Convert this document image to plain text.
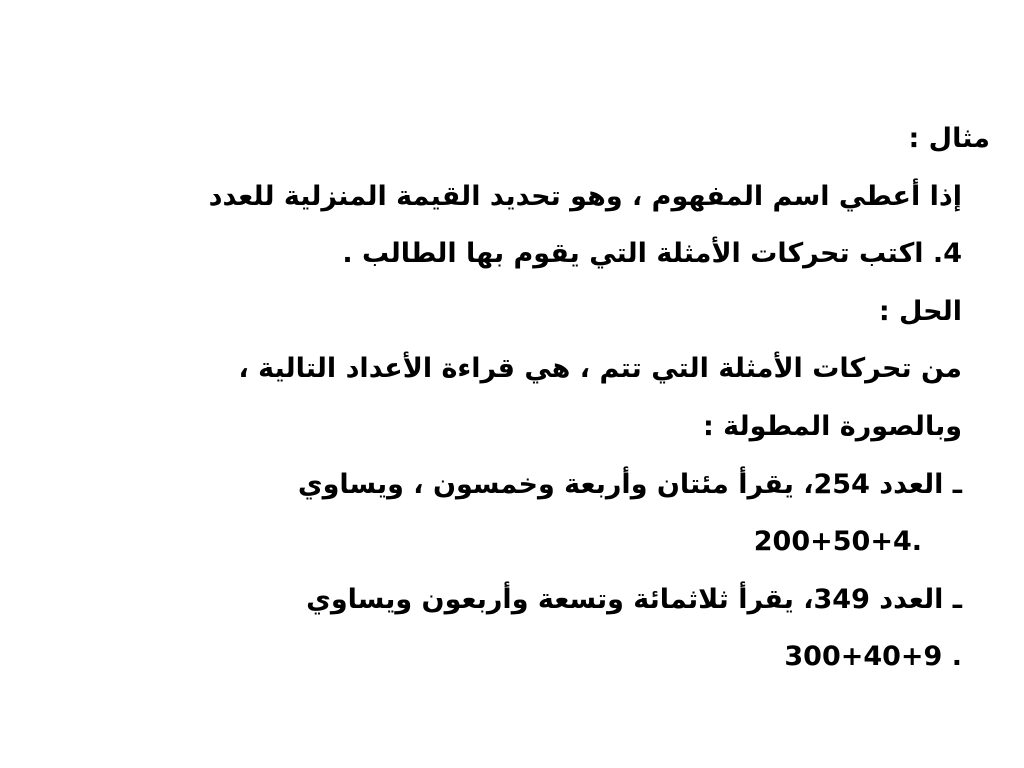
مثال :
إذا أعطي اسم المفهوم ، وهو تحديد القيمة المنزلية للعدد
4. اكتب تحركات الأمثلة التي يقوم بها الطالب .
الحل :
من تحركات الأمثلة التي تتم ، هي قراءة الأعداد التالية ،
وبالصورة المطولة :
ـ العدد 254، يقرأ مئتان وأربعة وخمسون ، ويساوي
200+50+4.
ـ العدد 349، يقرأ ثلاثمائة وتسعة وأربعون ويساوي
300+40+9 .
